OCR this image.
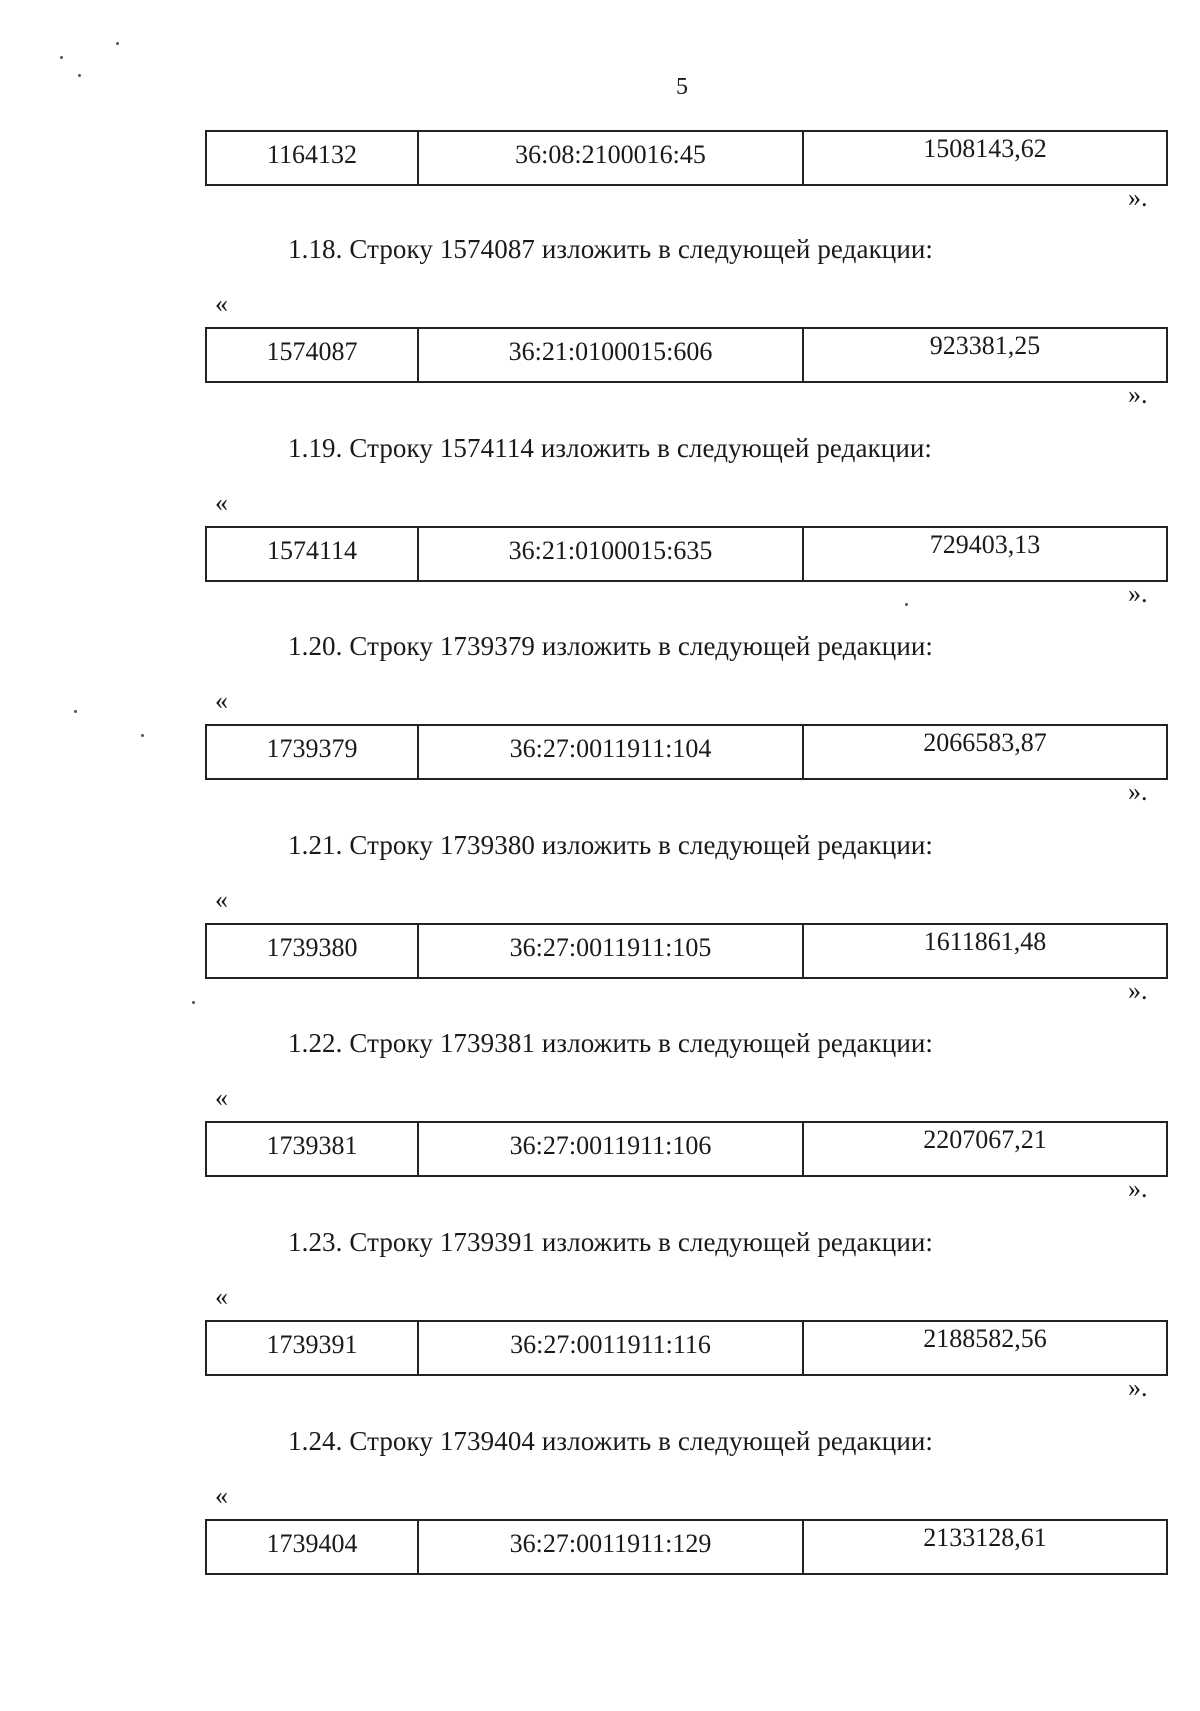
5
1164132	36:08:2100016:45	1508143,62
».
1.18. Строку 1574087 изложить в следующей редакции:
«
1574087	36:21:0100015:606	923381,25
».
1.19. Строку 1574114 изложить в следующей редакции:
«
1574114	36:21:0100015:635	729403,13
».
1.20. Строку 1739379 изложить в следующей редакции:
«
1739379	36:27:0011911:104	2066583,87
».
1.21. Строку 1739380 изложить в следующей редакции:
«
1739380	36:27:0011911:105	1611861,48
».
1.22. Строку 1739381 изложить в следующей редакции:
«
1739381	36:27:0011911:106	2207067,21
».
1.23. Строку 1739391 изложить в следующей редакции:
«
1739391	36:27:0011911:116	2188582,56
».
1.24. Строку 1739404 изложить в следующей редакции:
«
1739404	36:27:0011911:129	2133128,61
